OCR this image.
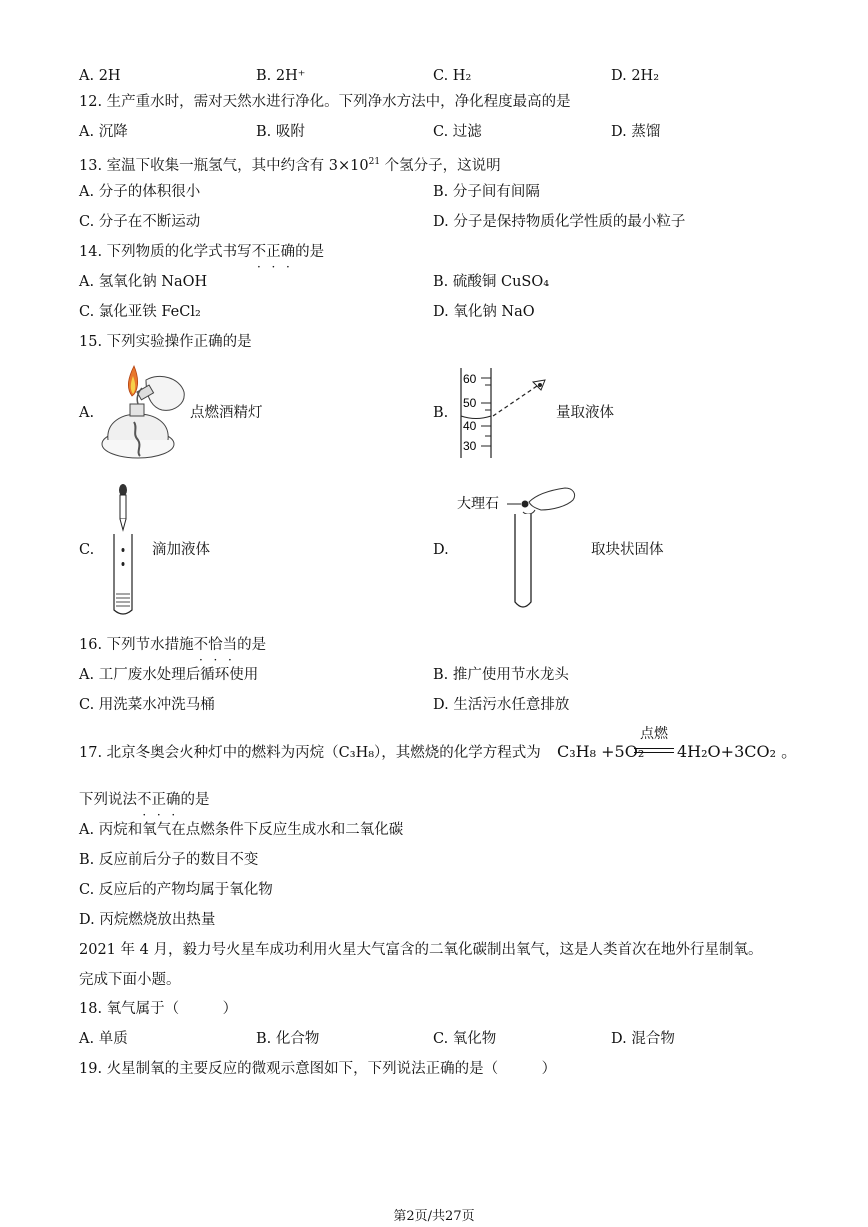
A. 2H	B. 2H⁺	C. H₂	D. 2H₂
12. 生产重水时，需对天然水进行净化。下列净水方法中，净化程度最高的是
A. 沉降	B. 吸附	C. 过滤	D. 蒸馏
13. 室温下收集一瓶氢气，其中约含有 $3\times 10^{21}$ 个氢分子，这说明
A. 分子的体积很小	B. 分子间有间隔
C. 分子在不断运动	D. 分子是保持物质化学性质的最小粒子
14. 下列物质的化学式书写不正确的是
A. 氢氧化钠 NaOH	B. 硫酸铜 CuSO₄
C. 氯化亚铁 FeCl₂	D. 氧化钠 NaO
15. 下列实验操作正确的是
A.	点燃酒精灯	B.
60
50
40
30
量取液体
C.	滴加液体	D.
大理石
取块状固体
16. 下列节水措施不恰当的是
A. 工厂废水处理后循环使用	B. 推广使用节水龙头
C. 用洗菜水冲洗马桶	D. 生活污水任意排放
17. 北京冬奥会火种灯中的燃料为丙烷（C₃H₈），其燃烧的化学方程式为 C₃H₈ +5O₂
点燃
4H₂O+3CO₂ 。
下列说法不正确的是
A. 丙烷和氧气在点燃条件下反应生成水和二氧化碳
B. 反应前后分子的数目不变
C. 反应后的产物均属于氧化物
D. 丙烷燃烧放出热量
2021 年 4 月，毅力号火星车成功利用火星大气富含的二氧化碳制出氧气，这是人类首次在地外行星制氧。
完成下面小题。
18. 氧气属于（　　　）
A. 单质	B. 化合物	C. 氧化物	D. 混合物
19. 火星制氧的主要反应的微观示意图如下，下列说法正确的是（　　　）
第2页/共27页
